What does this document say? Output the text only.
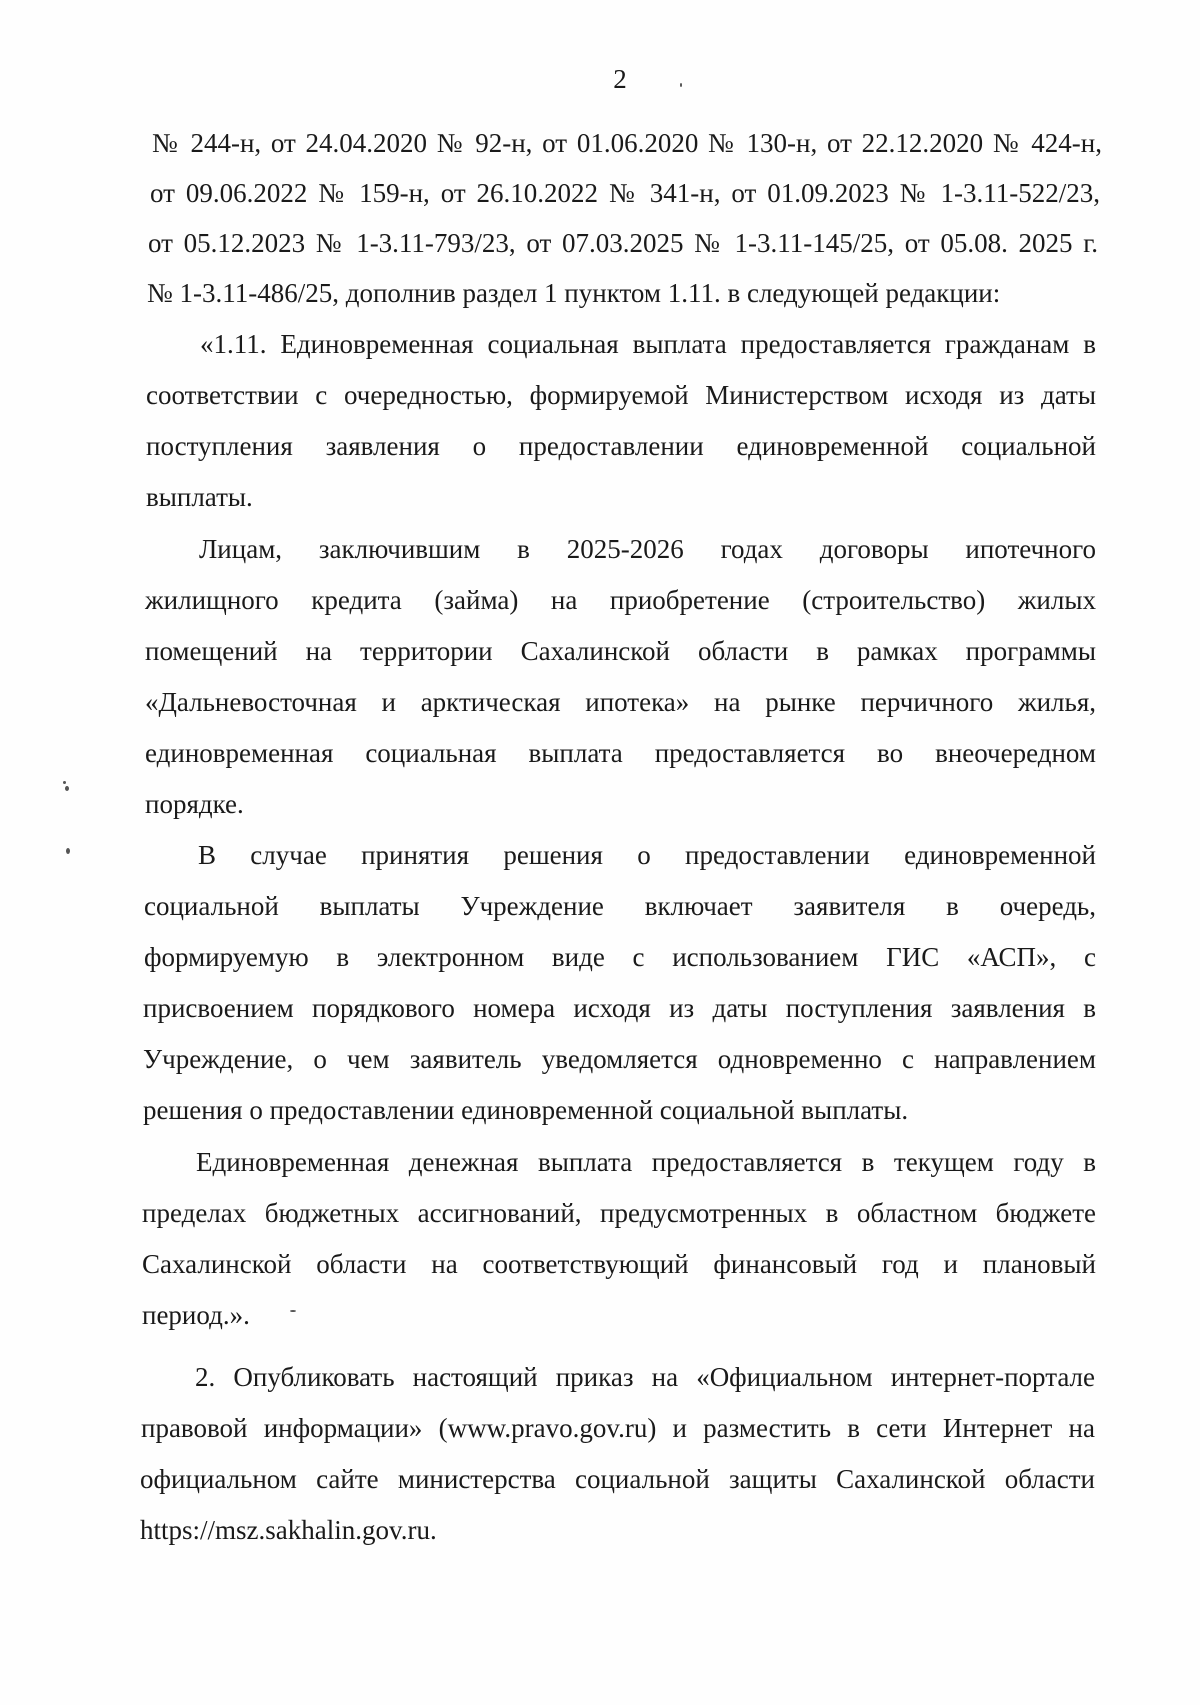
2
№ 244-н, от 24.04.2020 № 92-н, от 01.06.2020 № 130-н, от 22.12.2020 № 424-н,
от 09.06.2022 № 159-н, от 26.10.2022 № 341-н, от 01.09.2023 № 1-3.11-522/23,
от 05.12.2023 № 1-3.11-793/23, от 07.03.2025 № 1-3.11-145/25, от 05.08. 2025 г.
№ 1-3.11-486/25, дополнив раздел 1 пунктом 1.11. в следующей редакции:
«1.11. Единовременная социальная выплата предоставляется гражданам в
соответствии с очередностью, формируемой Министерством исходя из даты
поступления заявления о предоставлении единовременной социальной
выплаты.
Лицам, заключившим в 2025-2026 годах договоры ипотечного
жилищного кредита (займа) на приобретение (строительство) жилых
помещений на территории Сахалинской области в рамках программы
«Дальневосточная и арктическая ипотека» на рынке перчичного жилья,
единовременная социальная выплата предоставляется во внеочередном
порядке.
В случае принятия решения о предоставлении единовременной
социальной выплаты Учреждение включает заявителя в очередь,
формируемую в электронном виде с использованием ГИС «АСП», с
присвоением порядкового номера исходя из даты поступления заявления в
Учреждение, о чем заявитель уведомляется одновременно с направлением
решения о предоставлении единовременной социальной выплаты.
Единовременная денежная выплата предоставляется в текущем году в
пределах бюджетных ассигнований, предусмотренных в областном бюджете
Сахалинской области на соответствующий финансовый год и плановый
период.».
2. Опубликовать настоящий приказ на «Официальном интернет-портале
правовой информации» (www.pravo.gov.ru) и разместить в сети Интернет на
официальном сайте министерства социальной защиты Сахалинской области
https://msz.sakhalin.gov.ru.
